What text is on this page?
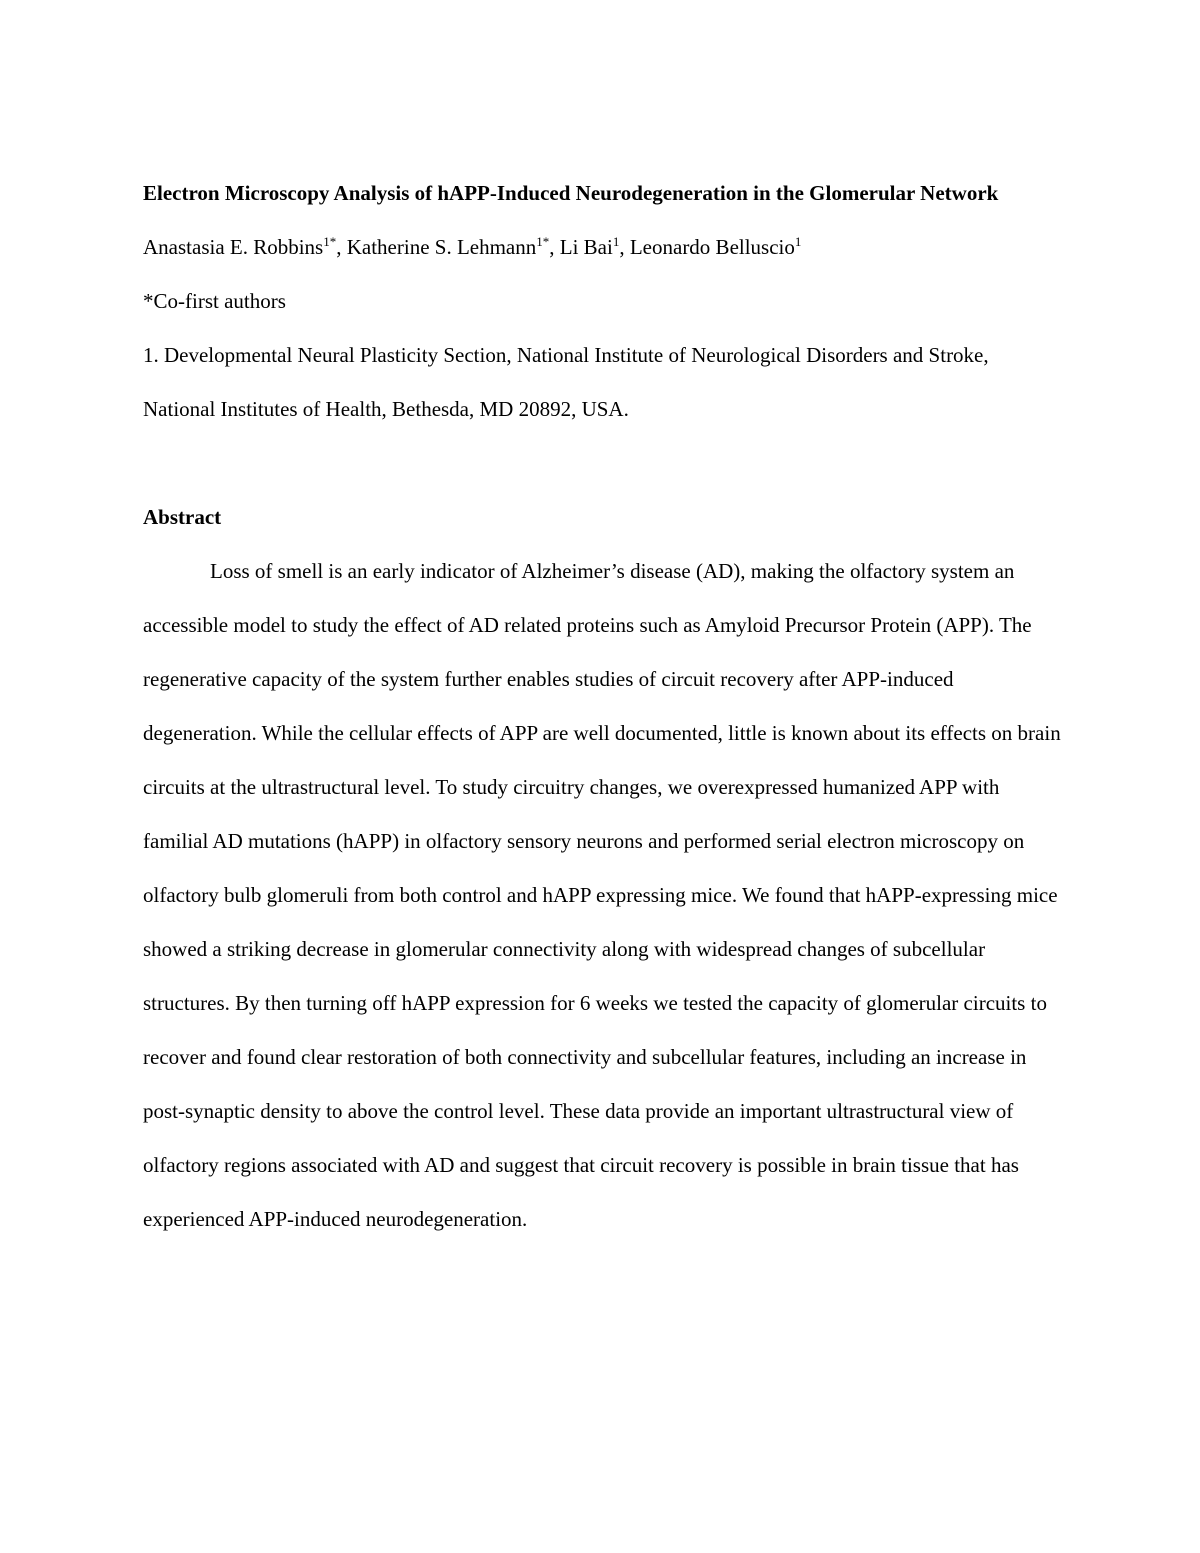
Electron Microscopy Analysis of hAPP-Induced Neurodegeneration in the Glomerular Network

Anastasia E. Robbins$^{1*}$, Katherine S. Lehmann$^{1*}$, Li Bai$^1$, Leonardo Belluscio$^1$

*Co-first authors

1. Developmental Neural Plasticity Section, National Institute of Neurological Disorders and Stroke, National Institutes of Health, Bethesda, MD 20892, USA.

Abstract

Loss of smell is an early indicator of Alzheimer’s disease (AD), making the olfactory system an accessible model to study the effect of AD related proteins such as Amyloid Precursor Protein (APP). The regenerative capacity of the system further enables studies of circuit recovery after APP-induced degeneration. While the cellular effects of APP are well documented, little is known about its effects on brain circuits at the ultrastructural level. To study circuitry changes, we overexpressed humanized APP with familial AD mutations (hAPP) in olfactory sensory neurons and performed serial electron microscopy on olfactory bulb glomeruli from both control and hAPP expressing mice. We found that hAPP-expressing mice showed a striking decrease in glomerular connectivity along with widespread changes of subcellular structures. By then turning off hAPP expression for 6 weeks we tested the capacity of glomerular circuits to recover and found clear restoration of both connectivity and subcellular features, including an increase in post-synaptic density to above the control level. These data provide an important ultrastructural view of olfactory regions associated with AD and suggest that circuit recovery is possible in brain tissue that has experienced APP-induced neurodegeneration.
